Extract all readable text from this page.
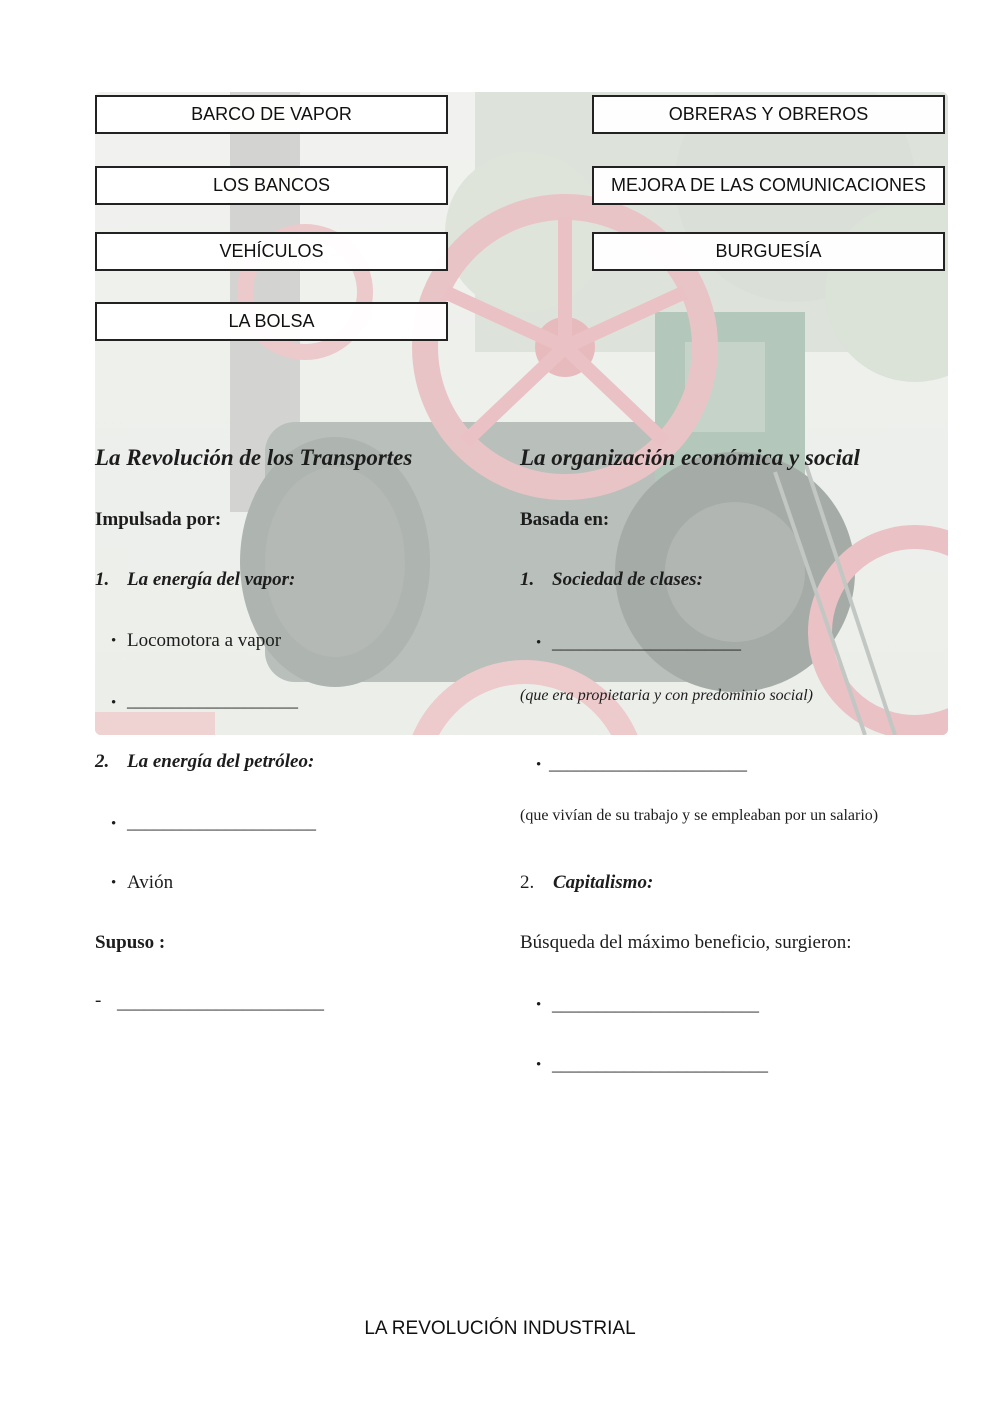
BARCO DE VAPOR
LOS BANCOS
VEHÍCULOS
LA BOLSA
OBRERAS Y OBREROS
MEJORA DE LAS COMUNICACIONES
BURGUESÍA
La Revolución de los Transportes
Impulsada por:
1. La energía del vapor:
• Locomotora a vapor
• ___________________
2. La energía del petróleo:
• _____________________
• Avión
Supuso :
- _______________________
La organización económica y social
Basada en:
1. Sociedad de clases:
• _____________________
(que era propietaria y con predominio social)
• ______________________
(que vivían de su trabajo y se empleaban por un salario)
2. Capitalismo:
Búsqueda del máximo beneficio, surgieron:
• _______________________
• ________________________
LA REVOLUCIÓN INDUSTRIAL
